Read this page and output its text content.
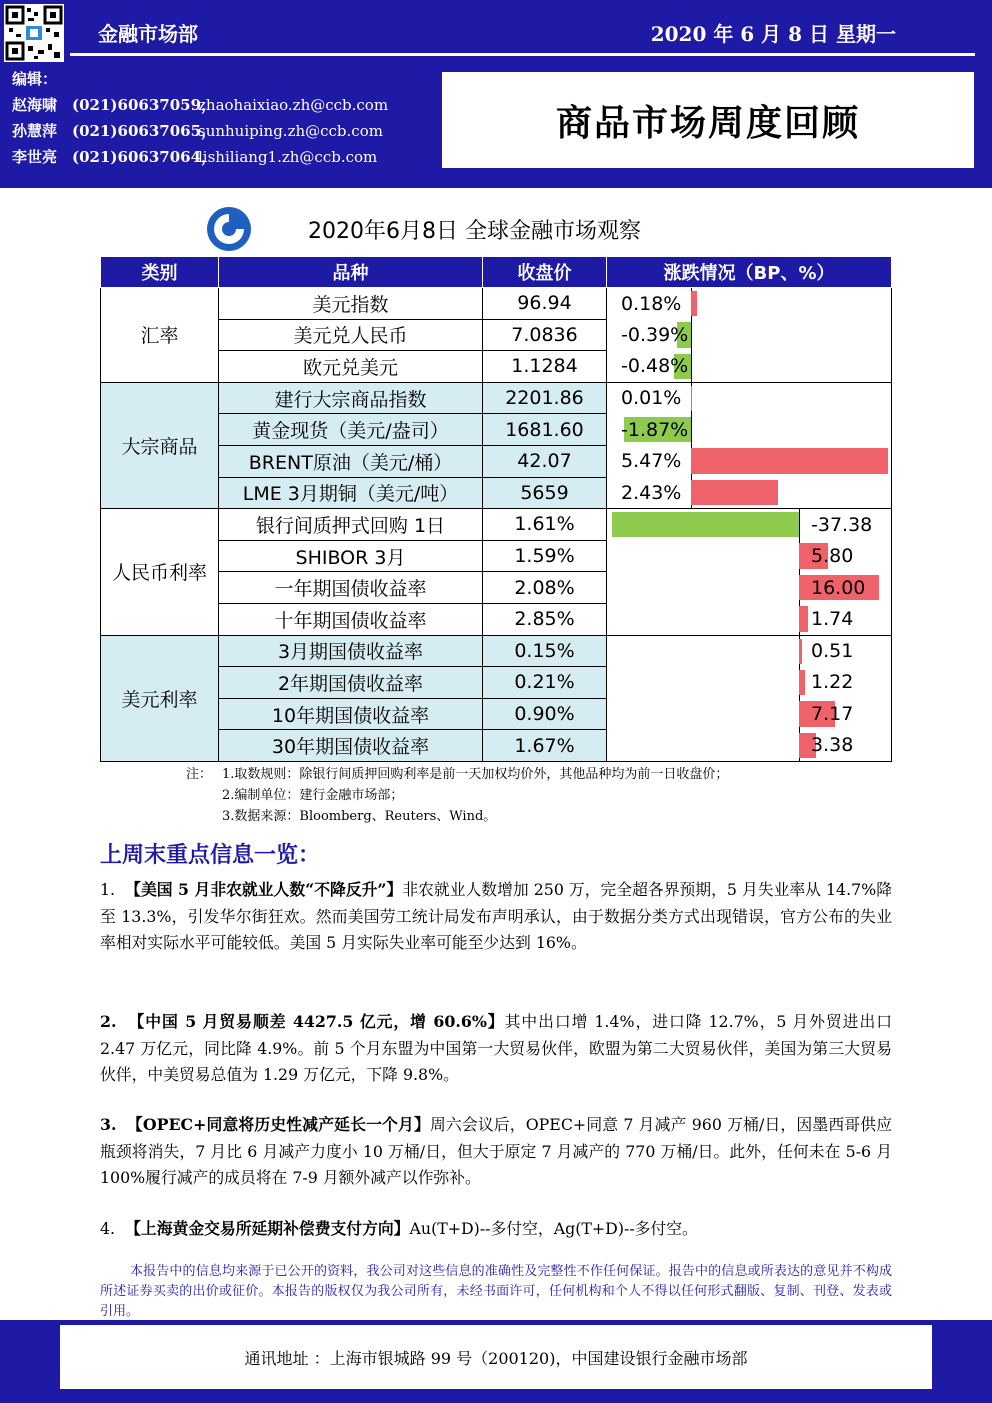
金融市场部	2020 年 6 月 8 日 星期一
编辑：
赵海啸 (021)60637059，zhaohaixiao.zh@ccb.com
孙慧萍 (021)60637065，sunhuiping.zh@ccb.com
李世亮 (021)60637064，lishiliang1.zh@ccb.com
商品市场周度回顾
2020年6月8日 全球金融市场观察
类别	品种	收盘价	涨跌情况（BP、%）
汇率	美元指数	96.94	0.18%

	美元兑人民币	7.0836	-0.39%

	欧元兑美元	1.1284	-0.48%

大宗商品	建行大宗商品指数	2201.86	0.01%

	黄金现货（美元/盎司）	1681.60	-1.87%

	BRENT原油（美元/桶）	42.07	5.47%

	LME 3月期铜（美元/吨）	5659	2.43%

人民币利率	银行间质押式回购 1日	1.61%	-37.38

	SHIBOR 3月	1.59%	5.80

	一年期国债收益率	2.08%	16.00

	十年期国债收益率	2.85%	1.74

美元利率	3月期国债收益率	0.15%	0.51

	2年期国债收益率	0.21%	1.22

	10年期国债收益率	0.90%	7.17

	30年期国债收益率	1.67%	3.38
注： 1.取数规则：除银行间质押回购利率是前一天加权均价外，其他品种均为前一日收盘价；
2.编制单位：建行金融市场部；
3.数据来源：Bloomberg、Reuters、Wind。
上周末重点信息一览：
1. 【美国 5 月非农就业人数“不降反升”】非农就业人数增加 250 万，完全超各界预期，5 月失业率从 14.7%降至 13.3%，引发华尔街狂欢。然而美国劳工统计局发布声明承认，由于数据分类方式出现错误，官方公布的失业率相对实际水平可能较低。美国 5 月实际失业率可能至少达到 16%。
2. 【中国 5 月贸易顺差 4427.5 亿元，增 60.6%】其中出口增 1.4%，进口降 12.7%，5 月外贸进出口 2.47 万亿元，同比降 4.9%。前 5 个月东盟为中国第一大贸易伙伴，欧盟为第二大贸易伙伴，美国为第三大贸易伙伴，中美贸易总值为 1.29 万亿元，下降 9.8%。
3. 【OPEC+同意将历史性减产延长一个月】周六会议后，OPEC+同意 7 月减产 960 万桶/日，因墨西哥供应瓶颈将消失，7 月比 6 月减产力度小 10 万桶/日，但大于原定 7 月减产的 770 万桶/日。此外，任何未在 5-6 月 100%履行减产的成员将在 7-9 月额外减产以作弥补。
4. 【上海黄金交易所延期补偿费支付方向】Au(T+D)--多付空，Ag(T+D)--多付空。
本报告中的信息均来源于已公开的资料，我公司对这些信息的准确性及完整性不作任何保证。报告中的信息或所表达的意见并不构成所述证券买卖的出价或征价。本报告的版权仅为我公司所有，未经书面许可，任何机构和个人不得以任何形式翻版、复制、刊登、发表或引用。
通讯地址 ：上海市银城路 99 号（200120)，中国建设银行金融市场部
